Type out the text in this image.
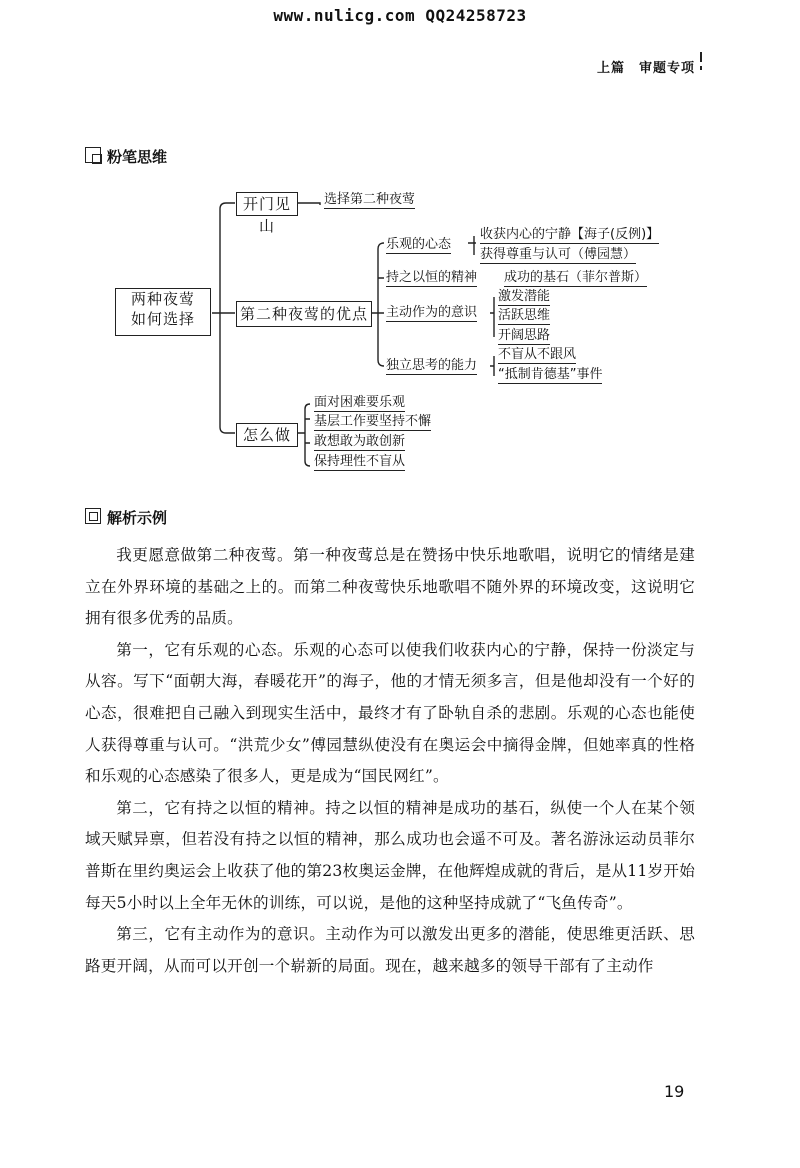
www.nulicg.com QQ24258723
上篇　审题专项
粉笔思维
两种夜莺
如何选择
开门见山
选择第二种夜莺
第二种夜莺的优点
乐观的心态
收获内心的宁静【海子(反例)】
获得尊重与认可（傅园慧）
持之以恒的精神 成功的基石（菲尔普斯）
主动作为的意识
激发潜能
活跃思维
开阔思路
独立思考的能力
不盲从不跟风
“抵制肯德基”事件
怎么做
面对困难要乐观
基层工作要坚持不懈
敢想敢为敢创新
保持理性不盲从
解析示例

我更愿意做第二种夜莺。第一种夜莺总是在赞扬中快乐地歌唱，说明它的情绪是建立在外界环境的基础之上的。而第二种夜莺快乐地歌唱不随外界的环境改变，这说明它拥有很多优秀的品质。

第一，它有乐观的心态。乐观的心态可以使我们收获内心的宁静，保持一份淡定与从容。写下“面朝大海，春暖花开”的海子，他的才情无须多言，但是他却没有一个好的心态，很难把自己融入到现实生活中，最终才有了卧轨自杀的悲剧。乐观的心态也能使人获得尊重与认可。“洪荒少女”傅园慧纵使没有在奥运会中摘得金牌，但她率真的性格和乐观的心态感染了很多人，更是成为“国民网红”。

第二，它有持之以恒的精神。持之以恒的精神是成功的基石，纵使一个人在某个领域天赋异禀，但若没有持之以恒的精神，那么成功也会遥不可及。著名游泳运动员菲尔普斯在里约奥运会上收获了他的第23枚奥运金牌，在他辉煌成就的背后，是从11岁开始每天5小时以上全年无休的训练，可以说，是他的这种坚持成就了“飞鱼传奇”。

第三，它有主动作为的意识。主动作为可以激发出更多的潜能，使思维更活跃、思路更开阔，从而可以开创一个崭新的局面。现在，越来越多的领导干部有了主动作

19
